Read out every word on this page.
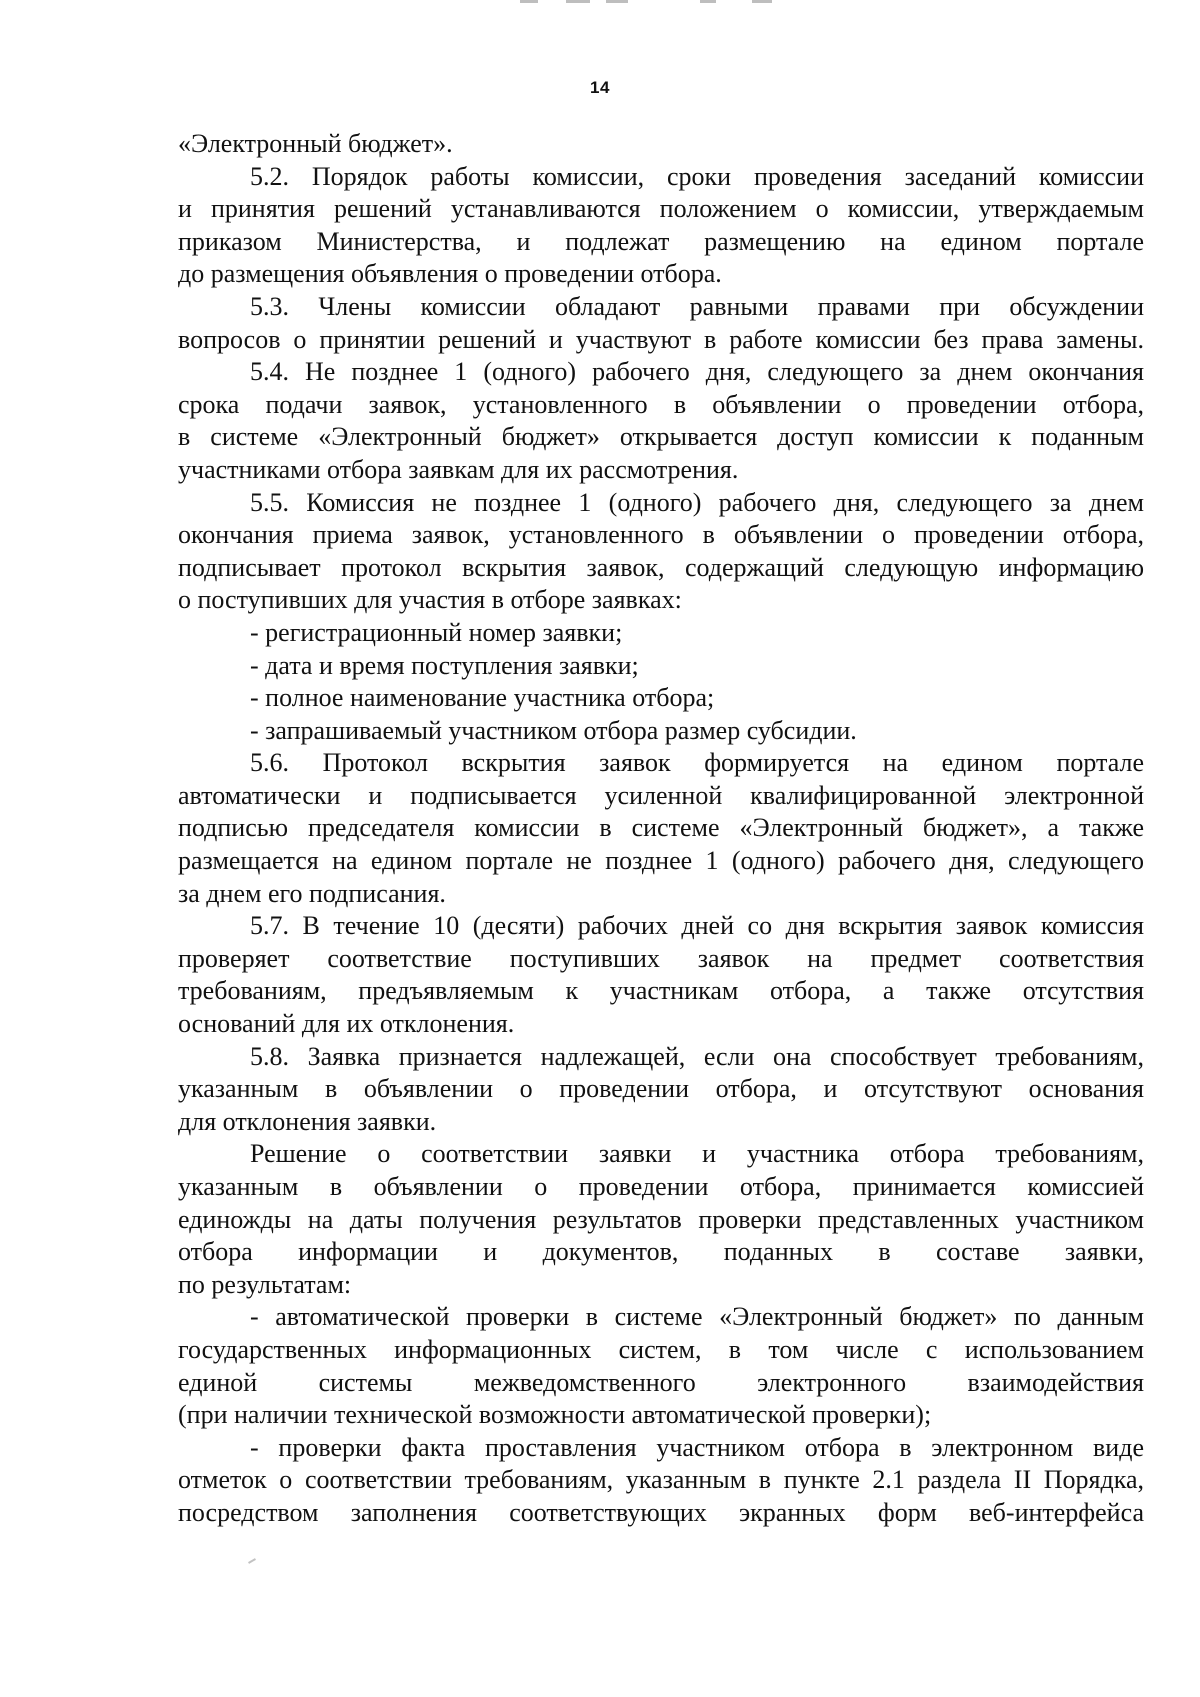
14
«Электронный бюджет».
5.2. Порядок работы комиссии, сроки проведения заседаний комиссии
и принятия решений устанавливаются положением о комиссии, утверждаемым
приказом Министерства, и подлежат размещению на едином портале
до размещения объявления о проведении отбора.
5.3. Члены комиссии обладают равными правами при обсуждении
вопросов о принятии решений и участвуют в работе комиссии без права замены.
5.4. Не позднее 1 (одного) рабочего дня, следующего за днем окончания
срока подачи заявок, установленного в объявлении о проведении отбора,
в системе «Электронный бюджет» открывается доступ комиссии к поданным
участниками отбора заявкам для их рассмотрения.
5.5. Комиссия не позднее 1 (одного) рабочего дня, следующего за днем
окончания приема заявок, установленного в объявлении о проведении отбора,
подписывает протокол вскрытия заявок, содержащий следующую информацию
о поступивших для участия в отборе заявках:
- регистрационный номер заявки;
- дата и время поступления заявки;
- полное наименование участника отбора;
- запрашиваемый участником отбора размер субсидии.
5.6. Протокол вскрытия заявок формируется на едином портале
автоматически и подписывается усиленной квалифицированной электронной
подписью председателя комиссии в системе «Электронный бюджет», а также
размещается на едином портале не позднее 1 (одного) рабочего дня, следующего
за днем его подписания.
5.7. В течение 10 (десяти) рабочих дней со дня вскрытия заявок комиссия
проверяет соответствие поступивших заявок на предмет соответствия
требованиям, предъявляемым к участникам отбора, а также отсутствия
оснований для их отклонения.
5.8. Заявка признается надлежащей, если она способствует требованиям,
указанным в объявлении о проведении отбора, и отсутствуют основания
для отклонения заявки.
Решение о соответствии заявки и участника отбора требованиям,
указанным в объявлении о проведении отбора, принимается комиссией
единожды на даты получения результатов проверки представленных участником
отбора информации и документов, поданных в составе заявки,
по результатам:
- автоматической проверки в системе «Электронный бюджет» по данным
государственных информационных систем, в том числе с использованием
единой системы межведомственного электронного взаимодействия
(при наличии технической возможности автоматической проверки);
- проверки факта проставления участником отбора в электронном виде
отметок о соответствии требованиям, указанным в пункте 2.1 раздела II Порядка,
посредством заполнения соответствующих экранных форм веб-интерфейса
